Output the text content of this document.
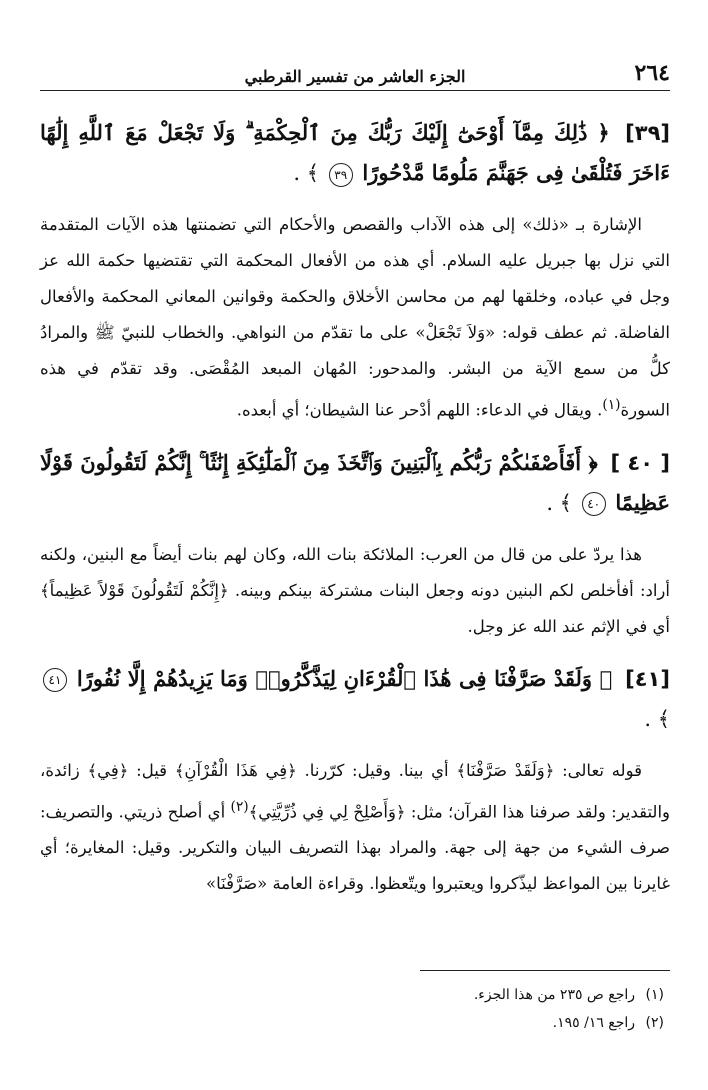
٢٦٤
الجزء العاشر من تفسير القرطبي
[٣٩] ﴿ ذَٰلِكَ مِمَّآ أَوْحَىٰٓ إِلَيْكَ رَبُّكَ مِنَ ٱلْحِكْمَةِ ۗ وَلَا تَجْعَلْ مَعَ ٱللَّهِ إِلَٰهًا ءَاخَرَ فَتُلْقَىٰ فِى جَهَنَّمَ مَلُومًا مَّدْحُورًا ٣٩ ﴾ .

الإشارة بـ «ذلك» إلى هذه الآداب والقصص والأحكام التي تضمنتها هذه الآيات المتقدمة التي نزل بها جبريل عليه السلام. أي هذه من الأفعال المحكمة التي تقتضيها حكمة الله عز وجل في عباده، وخلقها لهم من محاسن الأخلاق والحكمة وقوانين المعاني المحكمة والأفعال الفاضلة. ثم عطف قوله: «وَلاَ تَجْعَلْ» على ما تقدّم من النواهي. والخطاب للنبيّ ﷺ والمرادُ كلُّ من سمع الآية من البشر. والمدحور: المُهان المبعد المُقْصَى. وقد تقدّم في هذه السورة$^{(١)}$. ويقال في الدعاء: اللهم أدْحر عنا الشيطان؛ أي أبعده.

[ ٤٠ ] ﴿ أَفَأَصْفَىٰكُمْ رَبُّكُم بِٱلْبَنِينَ وَٱتَّخَذَ مِنَ ٱلْمَلَٰٓئِكَةِ إِنَٰثًا ۚ إِنَّكُمْ لَتَقُولُونَ قَوْلًا عَظِيمًا ٤٠ ﴾ .

هذا يردّ على من قال من العرب: الملائكة بنات الله، وكان لهم بنات أيضاً مع البنين، ولكنه أراد: أفأخلص لكم البنين دونه وجعل البنات مشتركة بينكم وبينه. ﴿إِنَّكُمْ لَتَقُولُونَ قَوْلاً عَظِيماً﴾ أي في الإثم عند الله عز وجل.

[٤١] ﴿ وَلَقَدْ صَرَّفْنَا فِى هَٰذَا ٱلْقُرْءَانِ لِيَذَّكَّرُوا۟ وَمَا يَزِيدُهُمْ إِلَّا نُفُورًا ٤١ ﴾ .

قوله تعالى: ﴿وَلَقَدْ صَرَّفْنَا﴾ أي بينا. وقيل: كرّرنا. ﴿فِي هَذَا الْقُرْآنِ﴾ قيل: ﴿فِي﴾ زائدة، والتقدير: ولقد صرفنا هذا القرآن؛ مثل: ﴿وَأَصْلِحْ لِي فِي ذُرِّيَّتِي﴾$^{(٢)}$ أي أصلح ذريتي. والتصريف: صرف الشيء من جهة إلى جهة. والمراد بهذا التصريف البيان والتكرير. وقيل: المغايرة؛ أي غايرنا بين المواعظ ليذّكروا ويعتبروا ويتّعظوا. وقراءة العامة «صَرَّفْنَا»

(١) راجع ص ٢٣٥ من هذا الجزء.
(٢) راجع ١٦/ ١٩٥.
